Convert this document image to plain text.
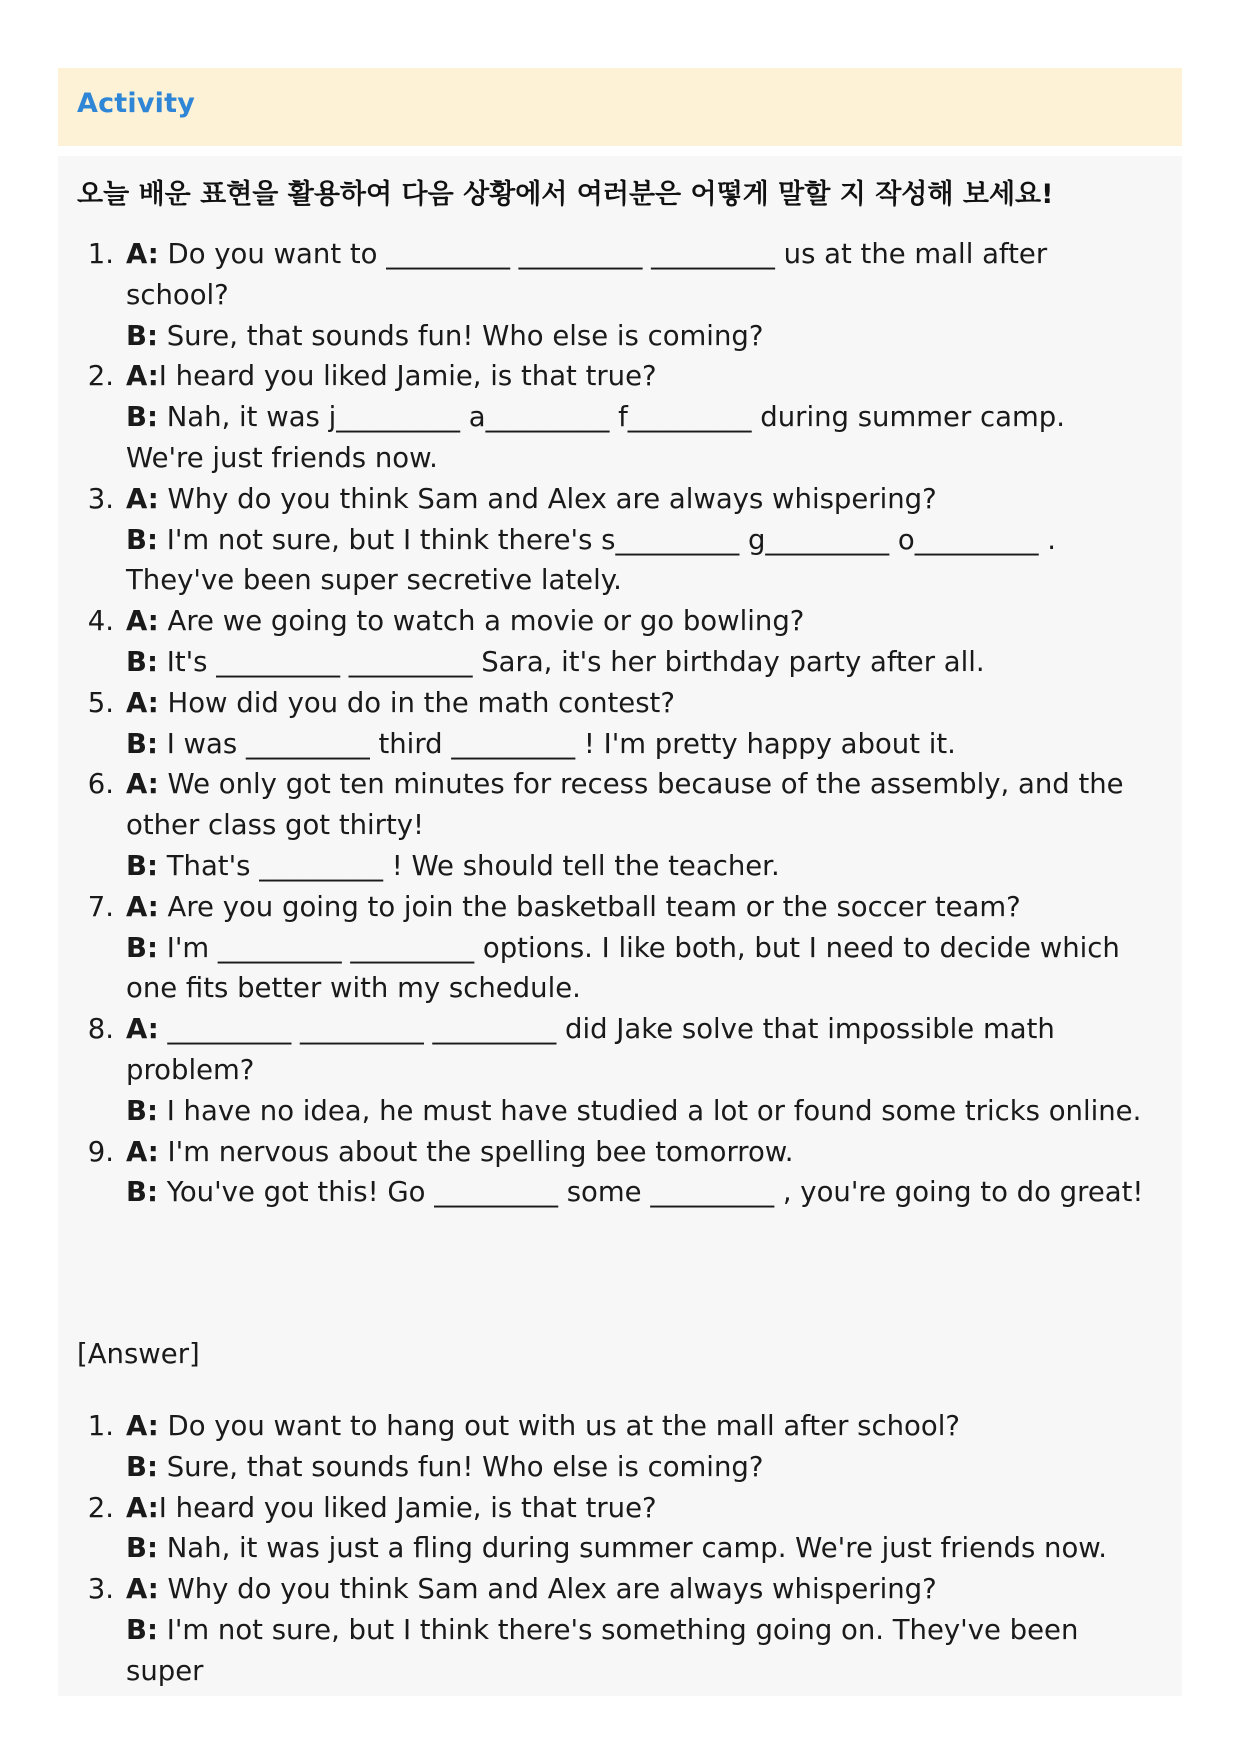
Activity
오늘 배운 표현을 활용하여 다음 상황에서 여러분은 어떻게 말할 지 작성해 보세요!
A: Do you want to _________ _________ _________ us at the mall after school?
B: Sure, that sounds fun! Who else is coming?
A:I heard you liked Jamie, is that true?
B: Nah, it was j_________ a_________ f_________ during summer camp. We're just friends now.
A: Why do you think Sam and Alex are always whispering?
B: I'm not sure, but I think there's s_________ g_________ o_________ . They've been super secretive lately.
A: Are we going to watch a movie or go bowling?
B: It's _________ _________ Sara, it's her birthday party after all.
A: How did you do in the math contest?
B: I was _________ third _________ ! I'm pretty happy about it.
A: We only got ten minutes for recess because of the assembly, and the other class got thirty!
B: That's _________ ! We should tell the teacher.
A: Are you going to join the basketball team or the soccer team?
B: I'm _________ _________ options. I like both, but I need to decide which one fits better with my schedule.
A: _________ _________ _________ did Jake solve that impossible math problem?
B: I have no idea, he must have studied a lot or found some tricks online.
A: I'm nervous about the spelling bee tomorrow.
B: You've got this! Go _________ some _________ , you're going to do great!
[Answer]
A: Do you want to hang out with us at the mall after school?
B: Sure, that sounds fun! Who else is coming?
A:I heard you liked Jamie, is that true?
B: Nah, it was just a fling during summer camp. We're just friends now.
A: Why do you think Sam and Alex are always whispering?
B: I'm not sure, but I think there's something going on. They've been super
